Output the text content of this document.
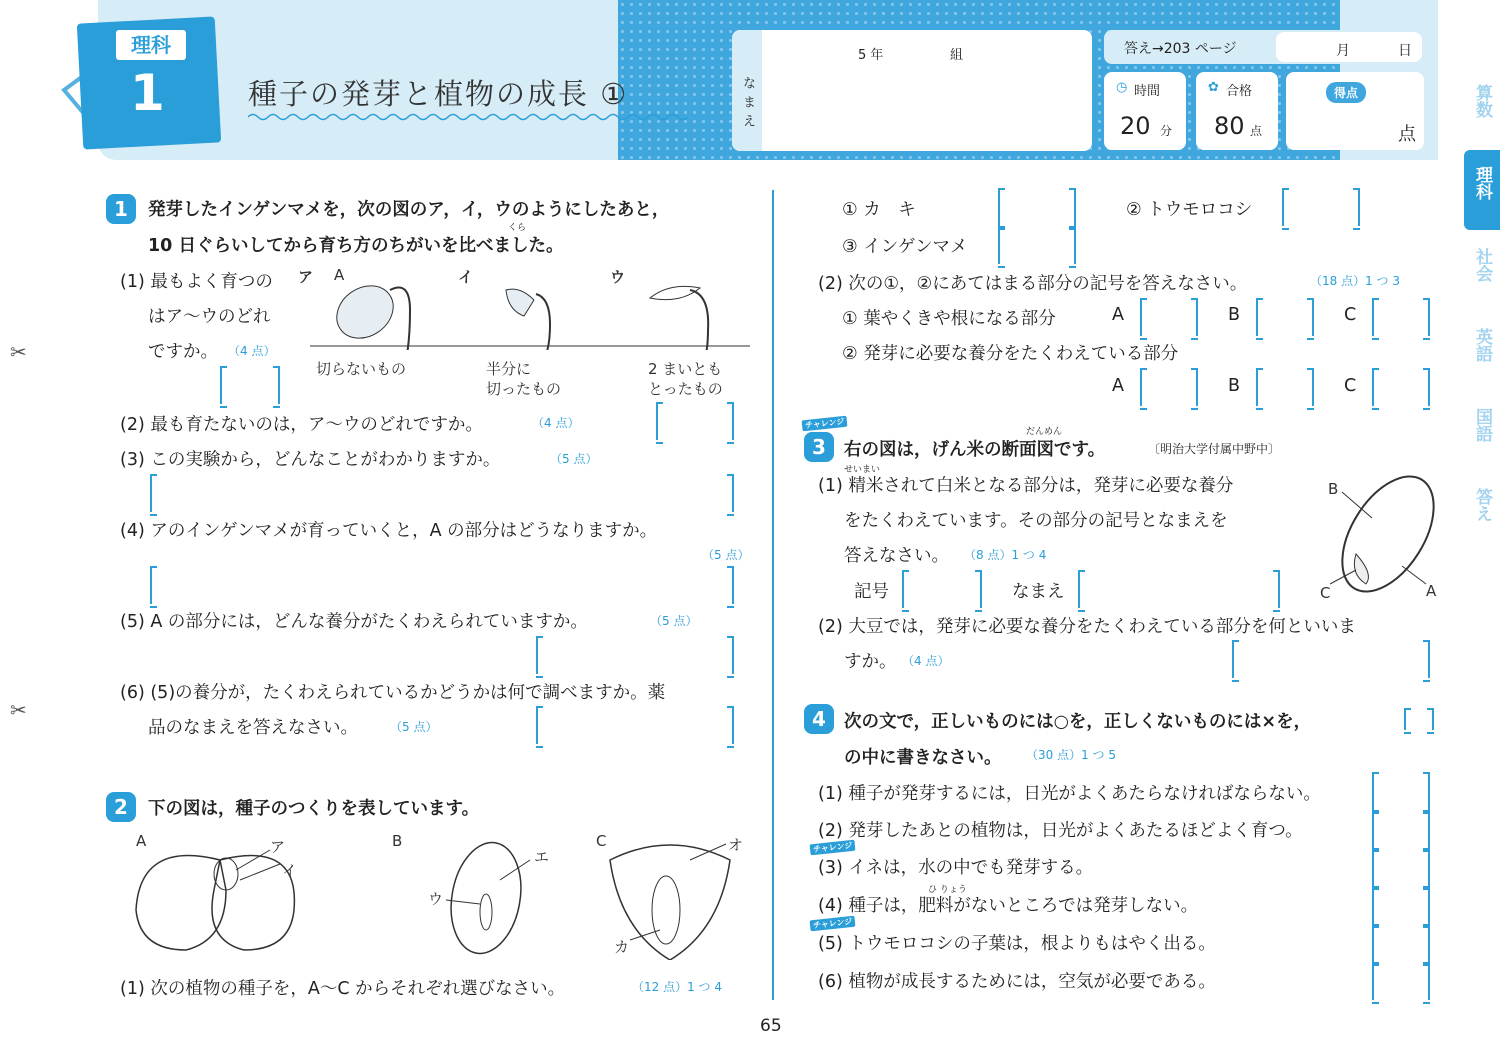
理科
1	種子の発芽と植物の成長 ①	なまえ
5 年	組	答え→203 ページ	月	日
◷ 時間
20 分
✿ 合格
80 点
得点
点
算数
理科
社会
英語
国語
答え
✂
✂
1	発芽したインゲンマメを，次の図のア，イ，ウのようにしたあと，
くら
10 日ぐらいしてから育ち方のちがいを比べました。
(1) 最もよく育つの
はア～ウのどれ
ですか。 （4 点）
ア A	イ	ウ
切らないもの	半分に
切ったもの
2 まいとも
とったもの
(2) 最も育たないのは，ア～ウのどれですか。	（4 点）
(3) この実験から，どんなことがわかりますか。	（5 点）
(4) アのインゲンマメが育っていくと，A の部分はどうなりますか。
（5 点）
(5) A の部分には，どんな養分がたくわえられていますか。	（5 点）
(6) (5)の養分が，たくわえられているかどうかは何で調べますか。薬
品のなまえを答えなさい。	（5 点）
2	下の図は，種子のつくりを表しています。
A	B	C
ア
イ
エ
ウ
オ
カ
(1) 次の植物の種子を，A～C からそれぞれ選びなさい。	（12 点）1 つ 4
① カ　キ	② トウモロコシ
③ インゲンマメ
(2) 次の①，②にあてはまる部分の記号を答えなさい。	（18 点）1 つ 3
① 葉やくきや根になる部分	A	B	C
② 発芽に必要な養分をたくわえている部分
A	B	C
チャレンジ
3
だんめん
右の図は，げん米の断面図です。	〔明治大学付属中野中〕
せいまい
(1) 精米されて白米となる部分は，発芽に必要な養分
をたくわえています。その部分の記号となまえを
答えなさい。 （8 点）1 つ 4
記号	なまえ
B
C	A
(2) 大豆では，発芽に必要な養分をたくわえている部分を何といいま
すか。 （4 点）
4	次の文で，正しいものには○を，正しくないものには×を，
の中に書きなさい。 （30 点）1 つ 5
(1) 種子が発芽するには，日光がよくあたらなければならない。
(2) 発芽したあとの植物は，日光がよくあたるほどよく育つ。
チャレンジ
(3) イネは，水の中でも発芽する。
ひ りょう
(4) 種子は，肥料がないところでは発芽しない。
チャレンジ
(5) トウモロコシの子葉は，根よりもはやく出る。
(6) 植物が成長するためには，空気が必要である。
65
